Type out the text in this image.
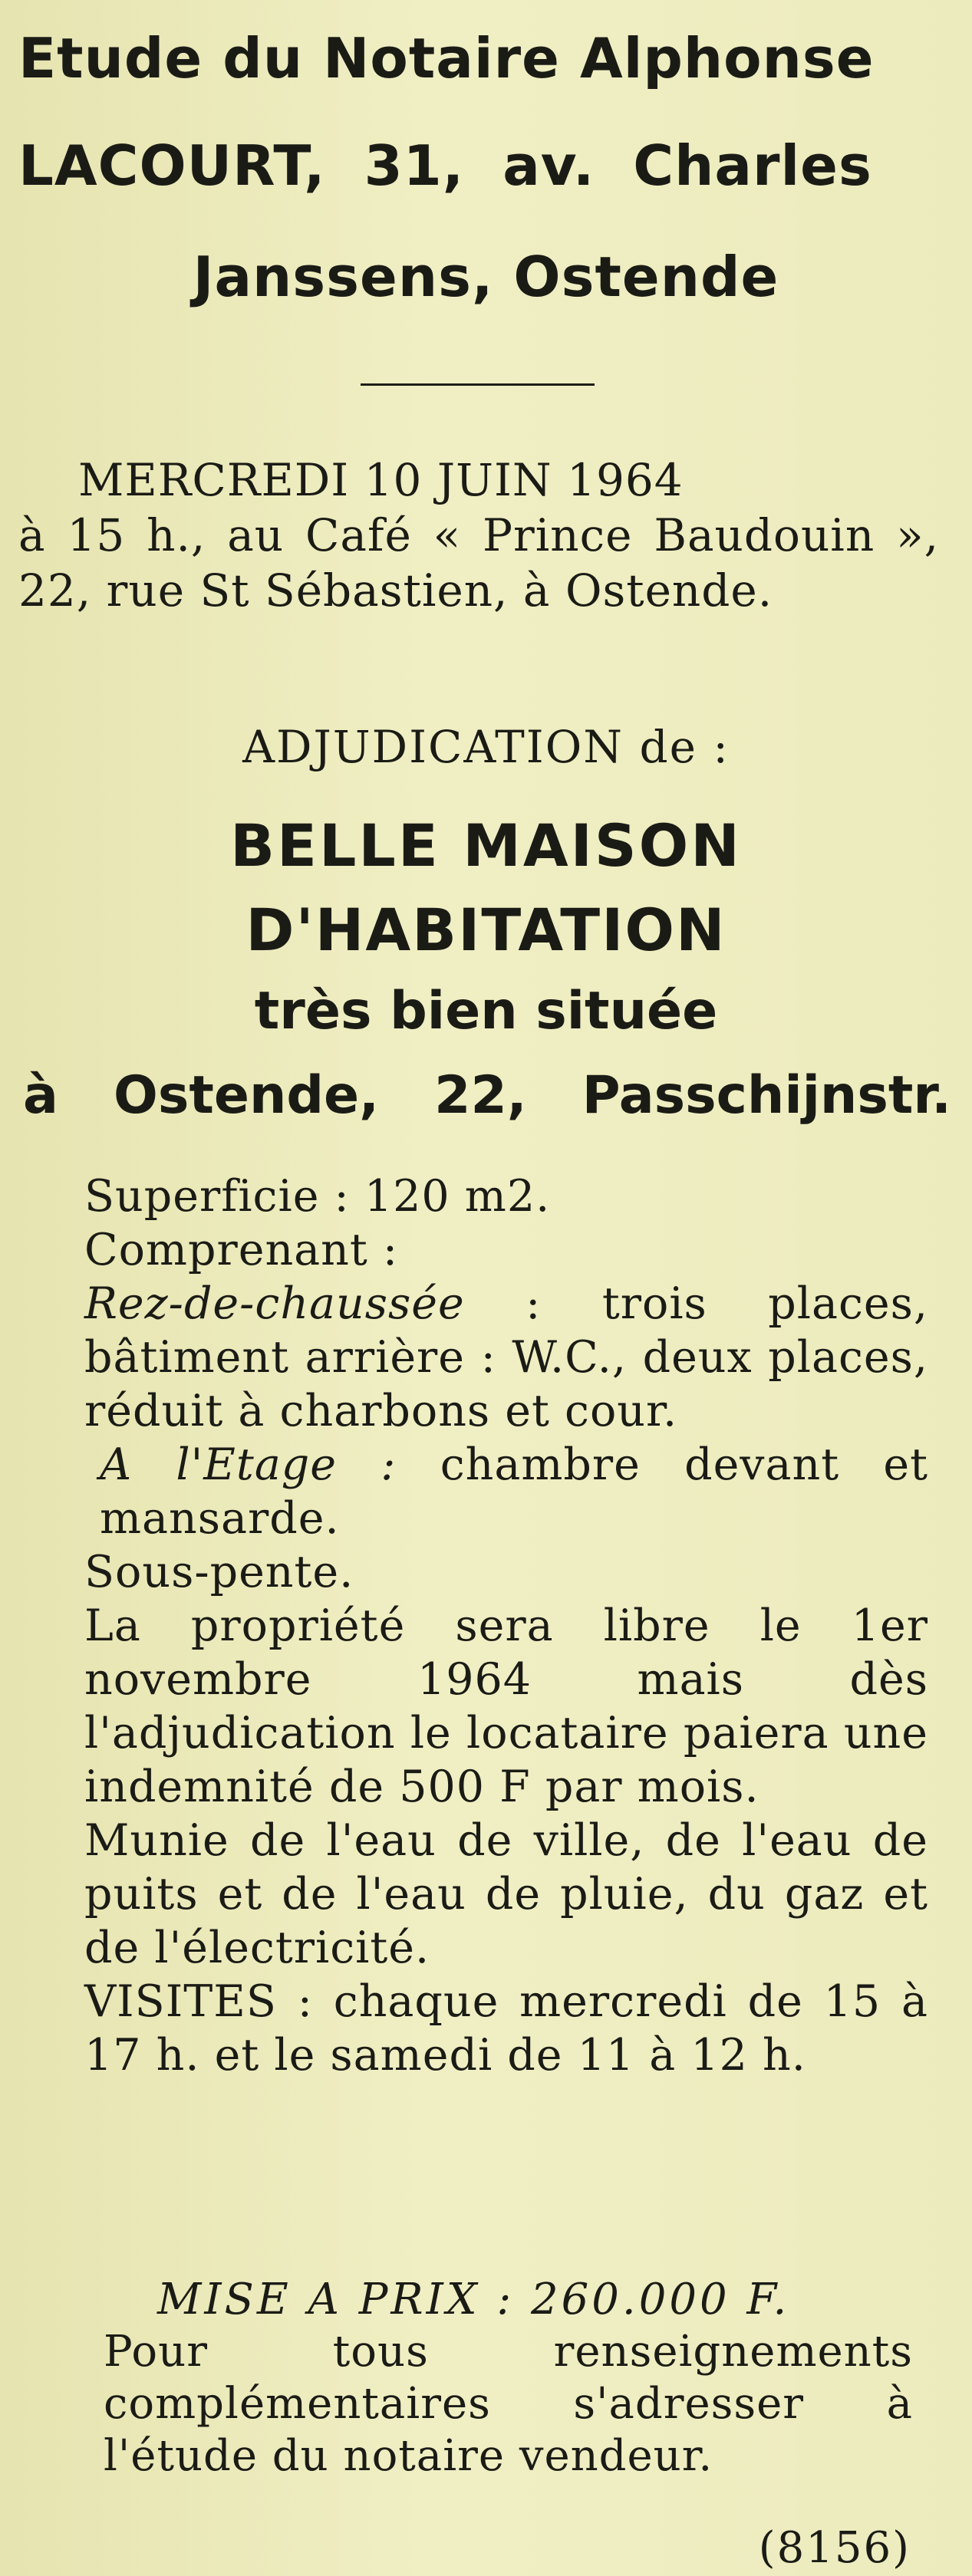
Etude du Notaire Alphonse
LACOURT, 31, av. Charles
Janssens, Ostende
MERCREDI 10 JUIN 1964
à 15 h., au Café « Prince Baudouin », 22, rue St Sébastien, à Ostende.
ADJUDICATION de :
BELLE MAISON
D'HABITATION
très bien située
à Ostende, 22, Passchijnstr.

Superficie : 120 m2.

Comprenant :

Rez-de-chaussée : trois places, bâtiment arrière : W.C., deux places, réduit à charbons et cour.

A l'Etage : chambre devant et mansarde.

Sous-pente.

La propriété sera libre le 1er novembre 1964 mais dès l'adjudication le locataire paiera une indemnité de 500 F par mois.

Munie de l'eau de ville, de l'eau de puits et de l'eau de pluie, du gaz et de l'électricité.

VISITES : chaque mercredi de 15 à 17 h. et le samedi de 11 à 12 h.

MISE A PRIX : 260.000 F.

Pour tous renseignements complémentaires s'adresser à l'étude du notaire vendeur.

(8156)
